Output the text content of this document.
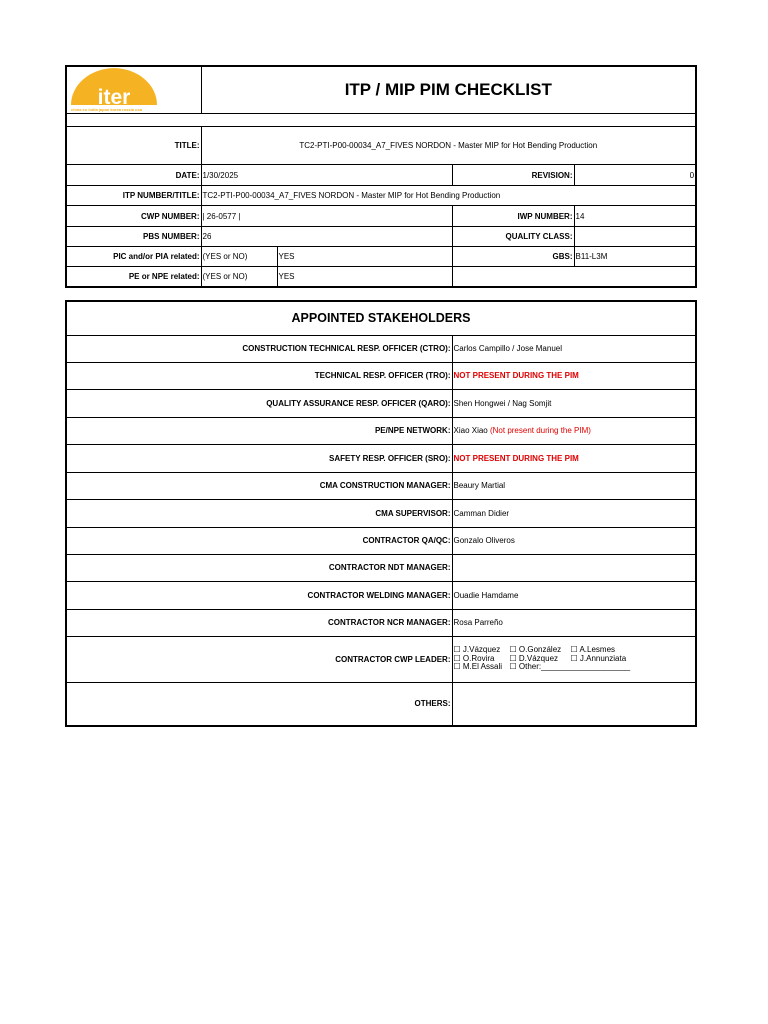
iter
china eu india japan korea russia usa	ITP / MIP PIM CHECKLIST			

TITLE:	TC2-PTI-P00-00034_A7_FIVES NORDON - Master MIP for Hot Bending Production			
DATE:	1/30/2025		REVISION:	0
ITP NUMBER/TITLE:	TC2-PTI-P00-00034_A7_FIVES NORDON - Master MIP for Hot Bending Production			
CWP NUMBER:	| 26-0577 |		IWP NUMBER:	14
PBS NUMBER:	26		QUALITY CLASS:	
PIC and/or PIA related:	(YES or NO)	YES	GBS:	B11-L3M
PE or NPE related:	(YES or NO)	YES		
APPOINTED STAKEHOLDERS	
CONSTRUCTION TECHNICAL RESP. OFFICER (CTRO):	Carlos Campillo / Jose Manuel
TECHNICAL RESP. OFFICER (TRO):	NOT PRESENT DURING THE PIM
QUALITY ASSURANCE RESP. OFFICER (QARO):	Shen Hongwei / Nag Somjit
PE/NPE NETWORK:	Xiao Xiao (Not present during the PIM)
SAFETY RESP. OFFICER (SRO):	NOT PRESENT DURING THE PIM
CMA CONSTRUCTION MANAGER:	Beaury Martial
CMA SUPERVISOR:	Camman Didier
CONTRACTOR QA/QC:	Gonzalo Oliveros
CONTRACTOR NDT MANAGER:	
CONTRACTOR WELDING MANAGER:	Ouadie Hamdame
CONTRACTOR NCR MANAGER:	Rosa Parreño
CONTRACTOR CWP LEADER:	☐ J.Vázquez ☐ O.González ☐ A.Lesmes
☐ O.Rovira ☐ D.Vázquez ☐ J.Annunziata
☐ M.El Assali ☐ Other:____________________

OTHERS:	
